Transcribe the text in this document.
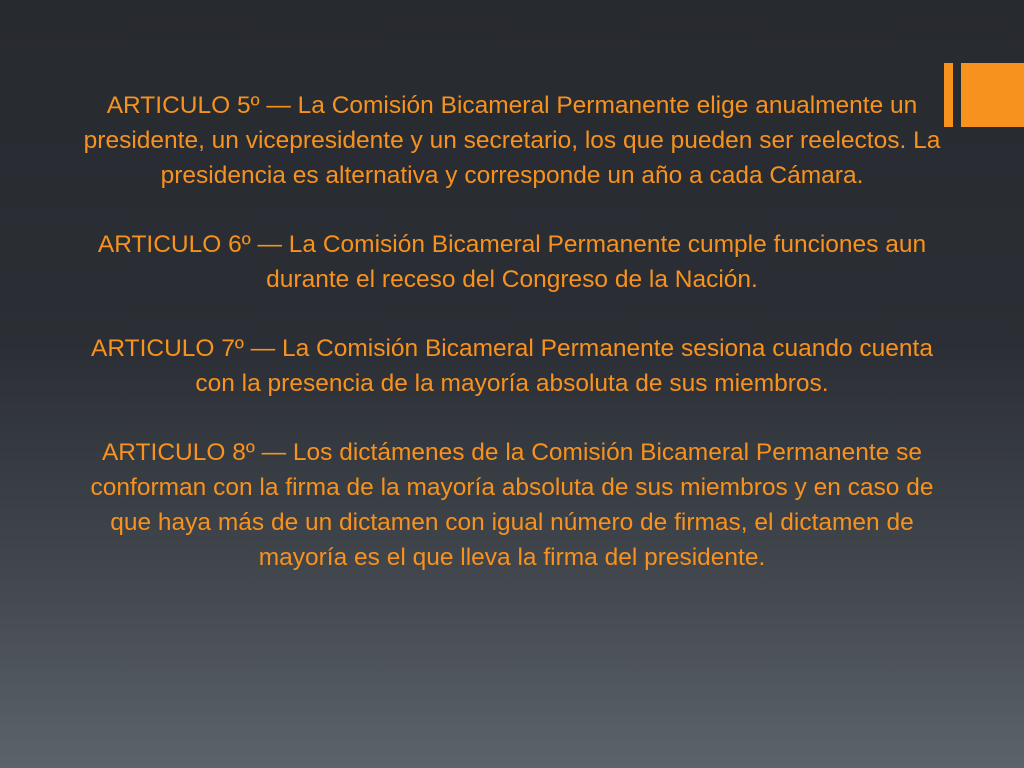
ARTICULO 5º — La Comisión Bicameral Permanente elige anualmente un presidente, un vicepresidente y un secretario, los que pueden ser reelectos. La presidencia es alternativa y corresponde un año a cada Cámara.

ARTICULO 6º — La Comisión Bicameral Permanente cumple funciones aun durante el receso del Congreso de la Nación.

ARTICULO 7º — La Comisión Bicameral Permanente sesiona cuando cuenta con la presencia de la mayoría absoluta de sus miembros.

ARTICULO 8º — Los dictámenes de la Comisión Bicameral Permanente se conforman con la firma de la mayoría absoluta de sus miembros y en caso de que haya más de un dictamen con igual número de firmas, el dictamen de mayoría es el que lleva la firma del presidente.
